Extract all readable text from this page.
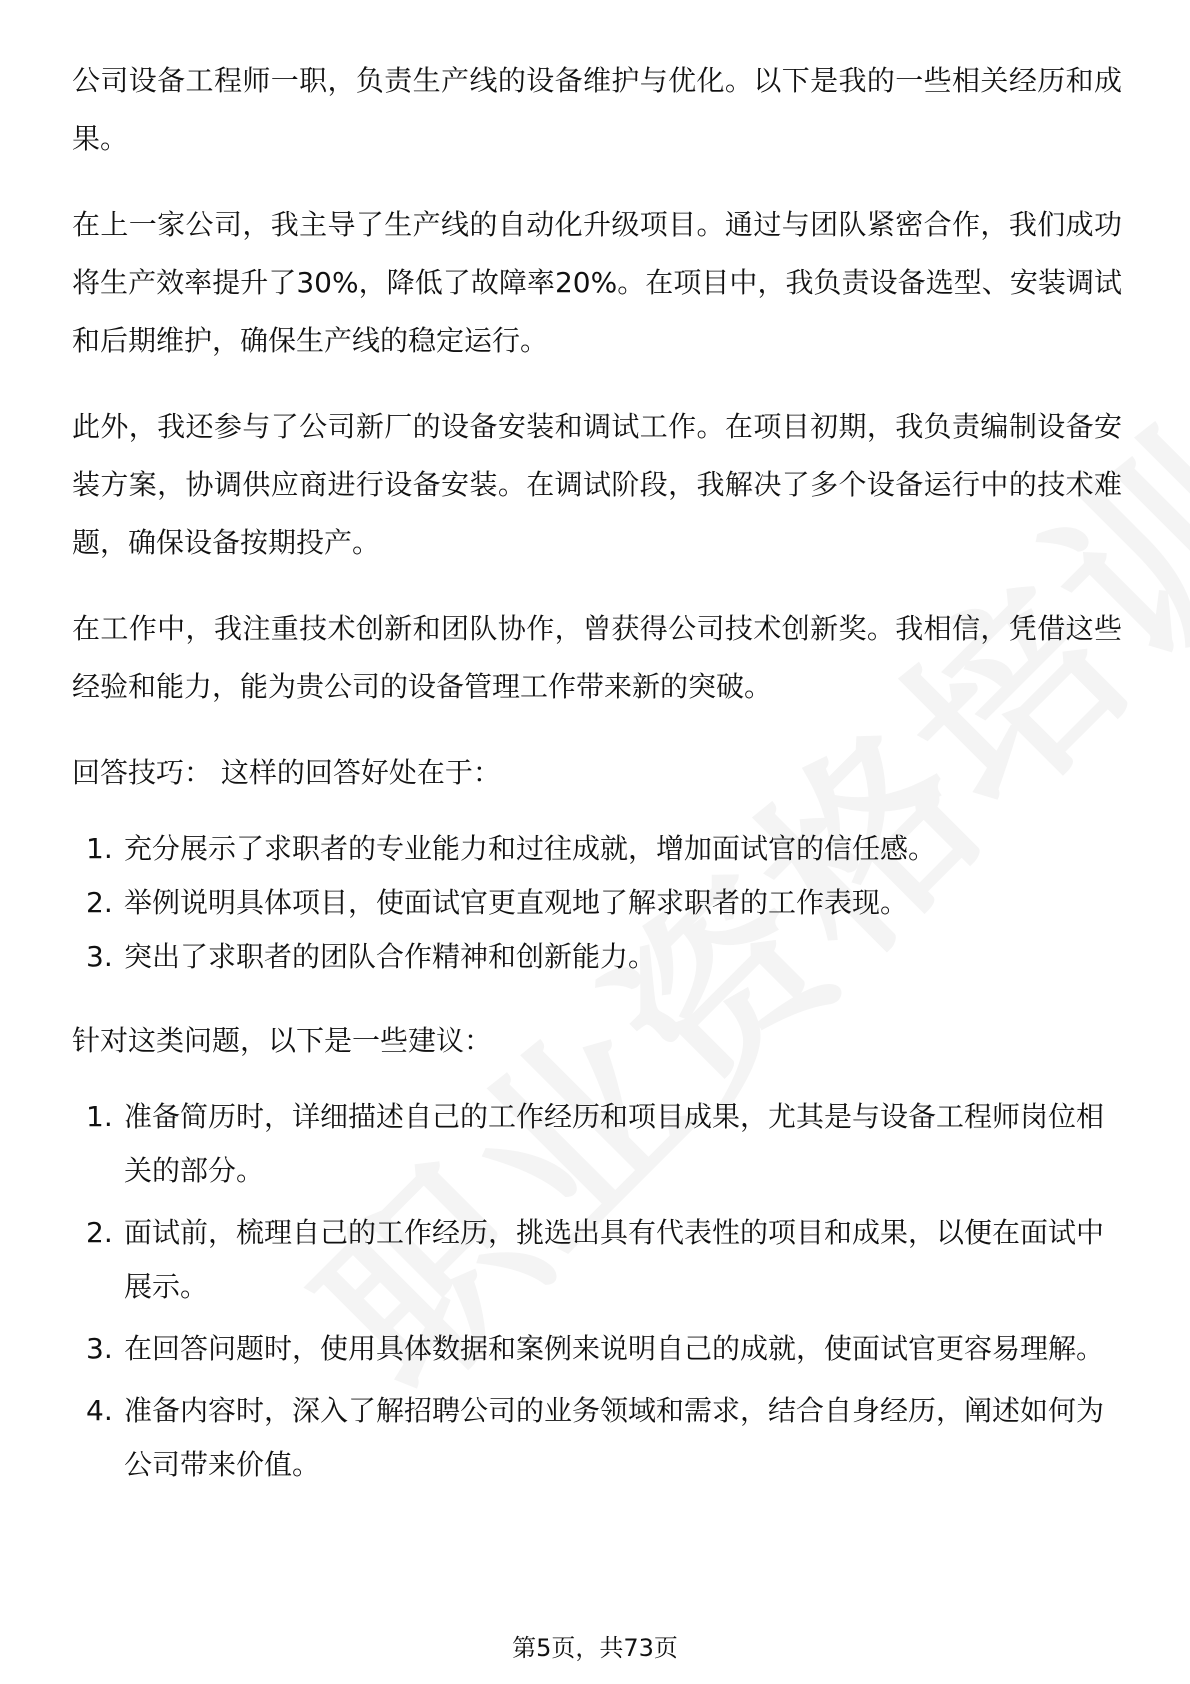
公司设备工程师一职，负责生产线的设备维护与优化。以下是我的一些相关经历和成果。

在上一家公司，我主导了生产线的自动化升级项目。通过与团队紧密合作，我们成功将生产效率提升了30%，降低了故障率20%。在项目中，我负责设备选型、安装调试和后期维护，确保生产线的稳定运行。

此外，我还参与了公司新厂的设备安装和调试工作。在项目初期，我负责编制设备安装方案，协调供应商进行设备安装。在调试阶段，我解决了多个设备运行中的技术难题，确保设备按期投产。

在工作中，我注重技术创新和团队协作，曾获得公司技术创新奖。我相信，凭借这些经验和能力，能为贵公司的设备管理工作带来新的突破。

回答技巧： 这样的回答好处在于：

1. 充分展示了求职者的专业能力和过往成就，增加面试官的信任感。
2. 举例说明具体项目，使面试官更直观地了解求职者的工作表现。
3. 突出了求职者的团队合作精神和创新能力。

针对这类问题，以下是一些建议：

1. 准备简历时，详细描述自己的工作经历和项目成果，尤其是与设备工程师岗位相关的部分。
2. 面试前，梳理自己的工作经历，挑选出具有代表性的项目和成果，以便在面试中展示。
3. 在回答问题时，使用具体数据和案例来说明自己的成就，使面试官更容易理解。
4. 准备内容时，深入了解招聘公司的业务领域和需求，结合自身经历，阐述如何为公司带来价值。
第5页，共73页
